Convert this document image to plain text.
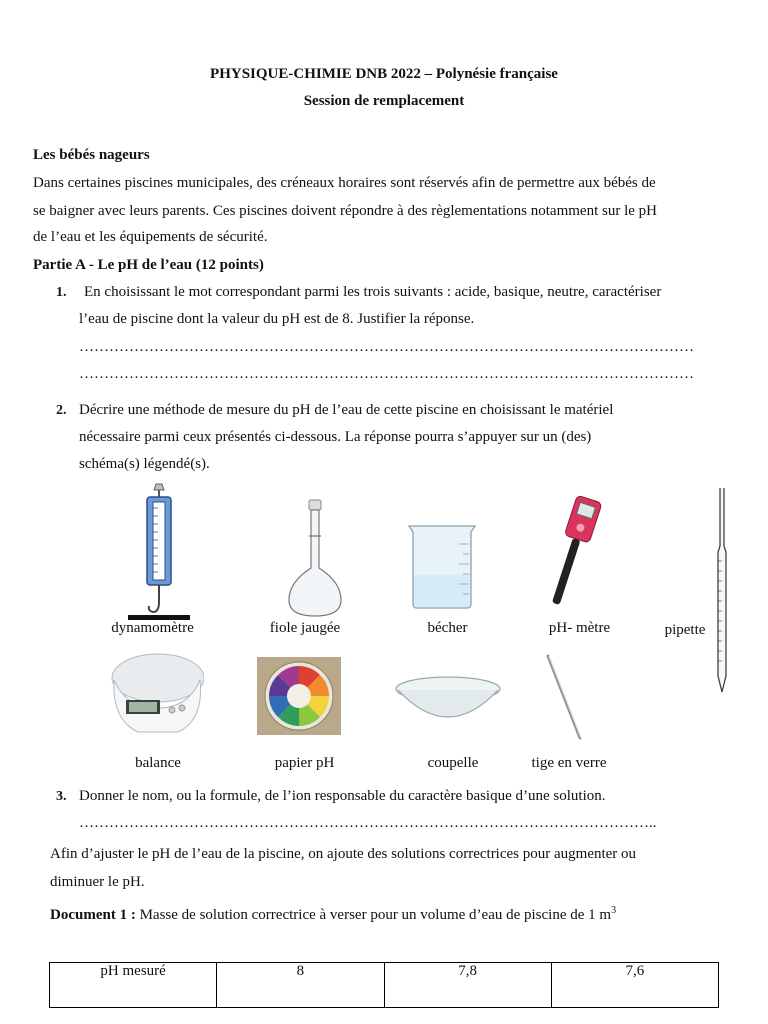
PHYSIQUE-CHIMIE DNB 2022 – Polynésie française
Session de remplacement
Les bébés nageurs
Dans certaines piscines municipales, des créneaux horaires sont réservés afin de permettre aux bébés de
se baigner avec leurs parents. Ces piscines doivent répondre à des règlementations notamment sur le pH
de l’eau et les équipements de sécurité.
Partie A - Le pH de l’eau (12 points)
1. En choisissant le mot correspondant parmi les trois suivants : acide, basique, neutre, caractériser
l’eau de piscine dont la valeur du pH est de 8. Justifier la réponse.
……………………………………………………………………………………………………………
……………………………………………………………………………………………………………
2. Décrire une méthode de mesure du pH de l’eau de cette piscine en choisissant le matériel
nécessaire parmi ceux présentés ci-dessous. La réponse pourra s’appuyer sur un (des)
schéma(s) légendé(s).
dynamomètre	fiole jaugée	bécher	pH- mètre	pipette
balance	papier pH	coupelle	tige en verre
3. Donner le nom, ou la formule, de l’ion responsable du caractère basique d’une solution.
……………………………………………………………………………………………………..
Afin d’ajuster le pH de l’eau de la piscine, on ajoute des solutions correctrices pour augmenter ou
diminuer le pH.
Document 1 : Masse de solution correctrice à verser pour un volume d’eau de piscine de 1 $m^3$
pH mesuré	8	7,8	7,6
